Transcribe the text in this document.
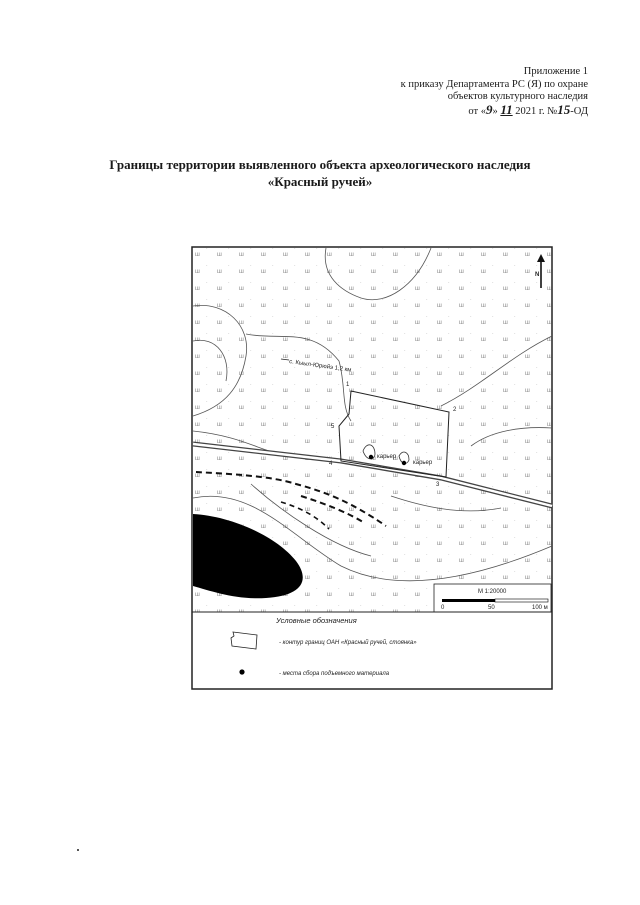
Приложение 1
к приказу Департамента РС (Я) по охране
объектов культурного наследия
от «9» 11 2021 г. №15-ОД
Границы территории выявленного объекта археологического наследия
«Красный ручей»
с. Кыыл-Юрюйэ 1,2 км
карьер
карьер
1
2
3
4
5
N
М 1:20000
0	50	100 м
Условные обозначения
- контур границ ОАН «Красный ручей, стоянка»
- места сбора подъемного материала
